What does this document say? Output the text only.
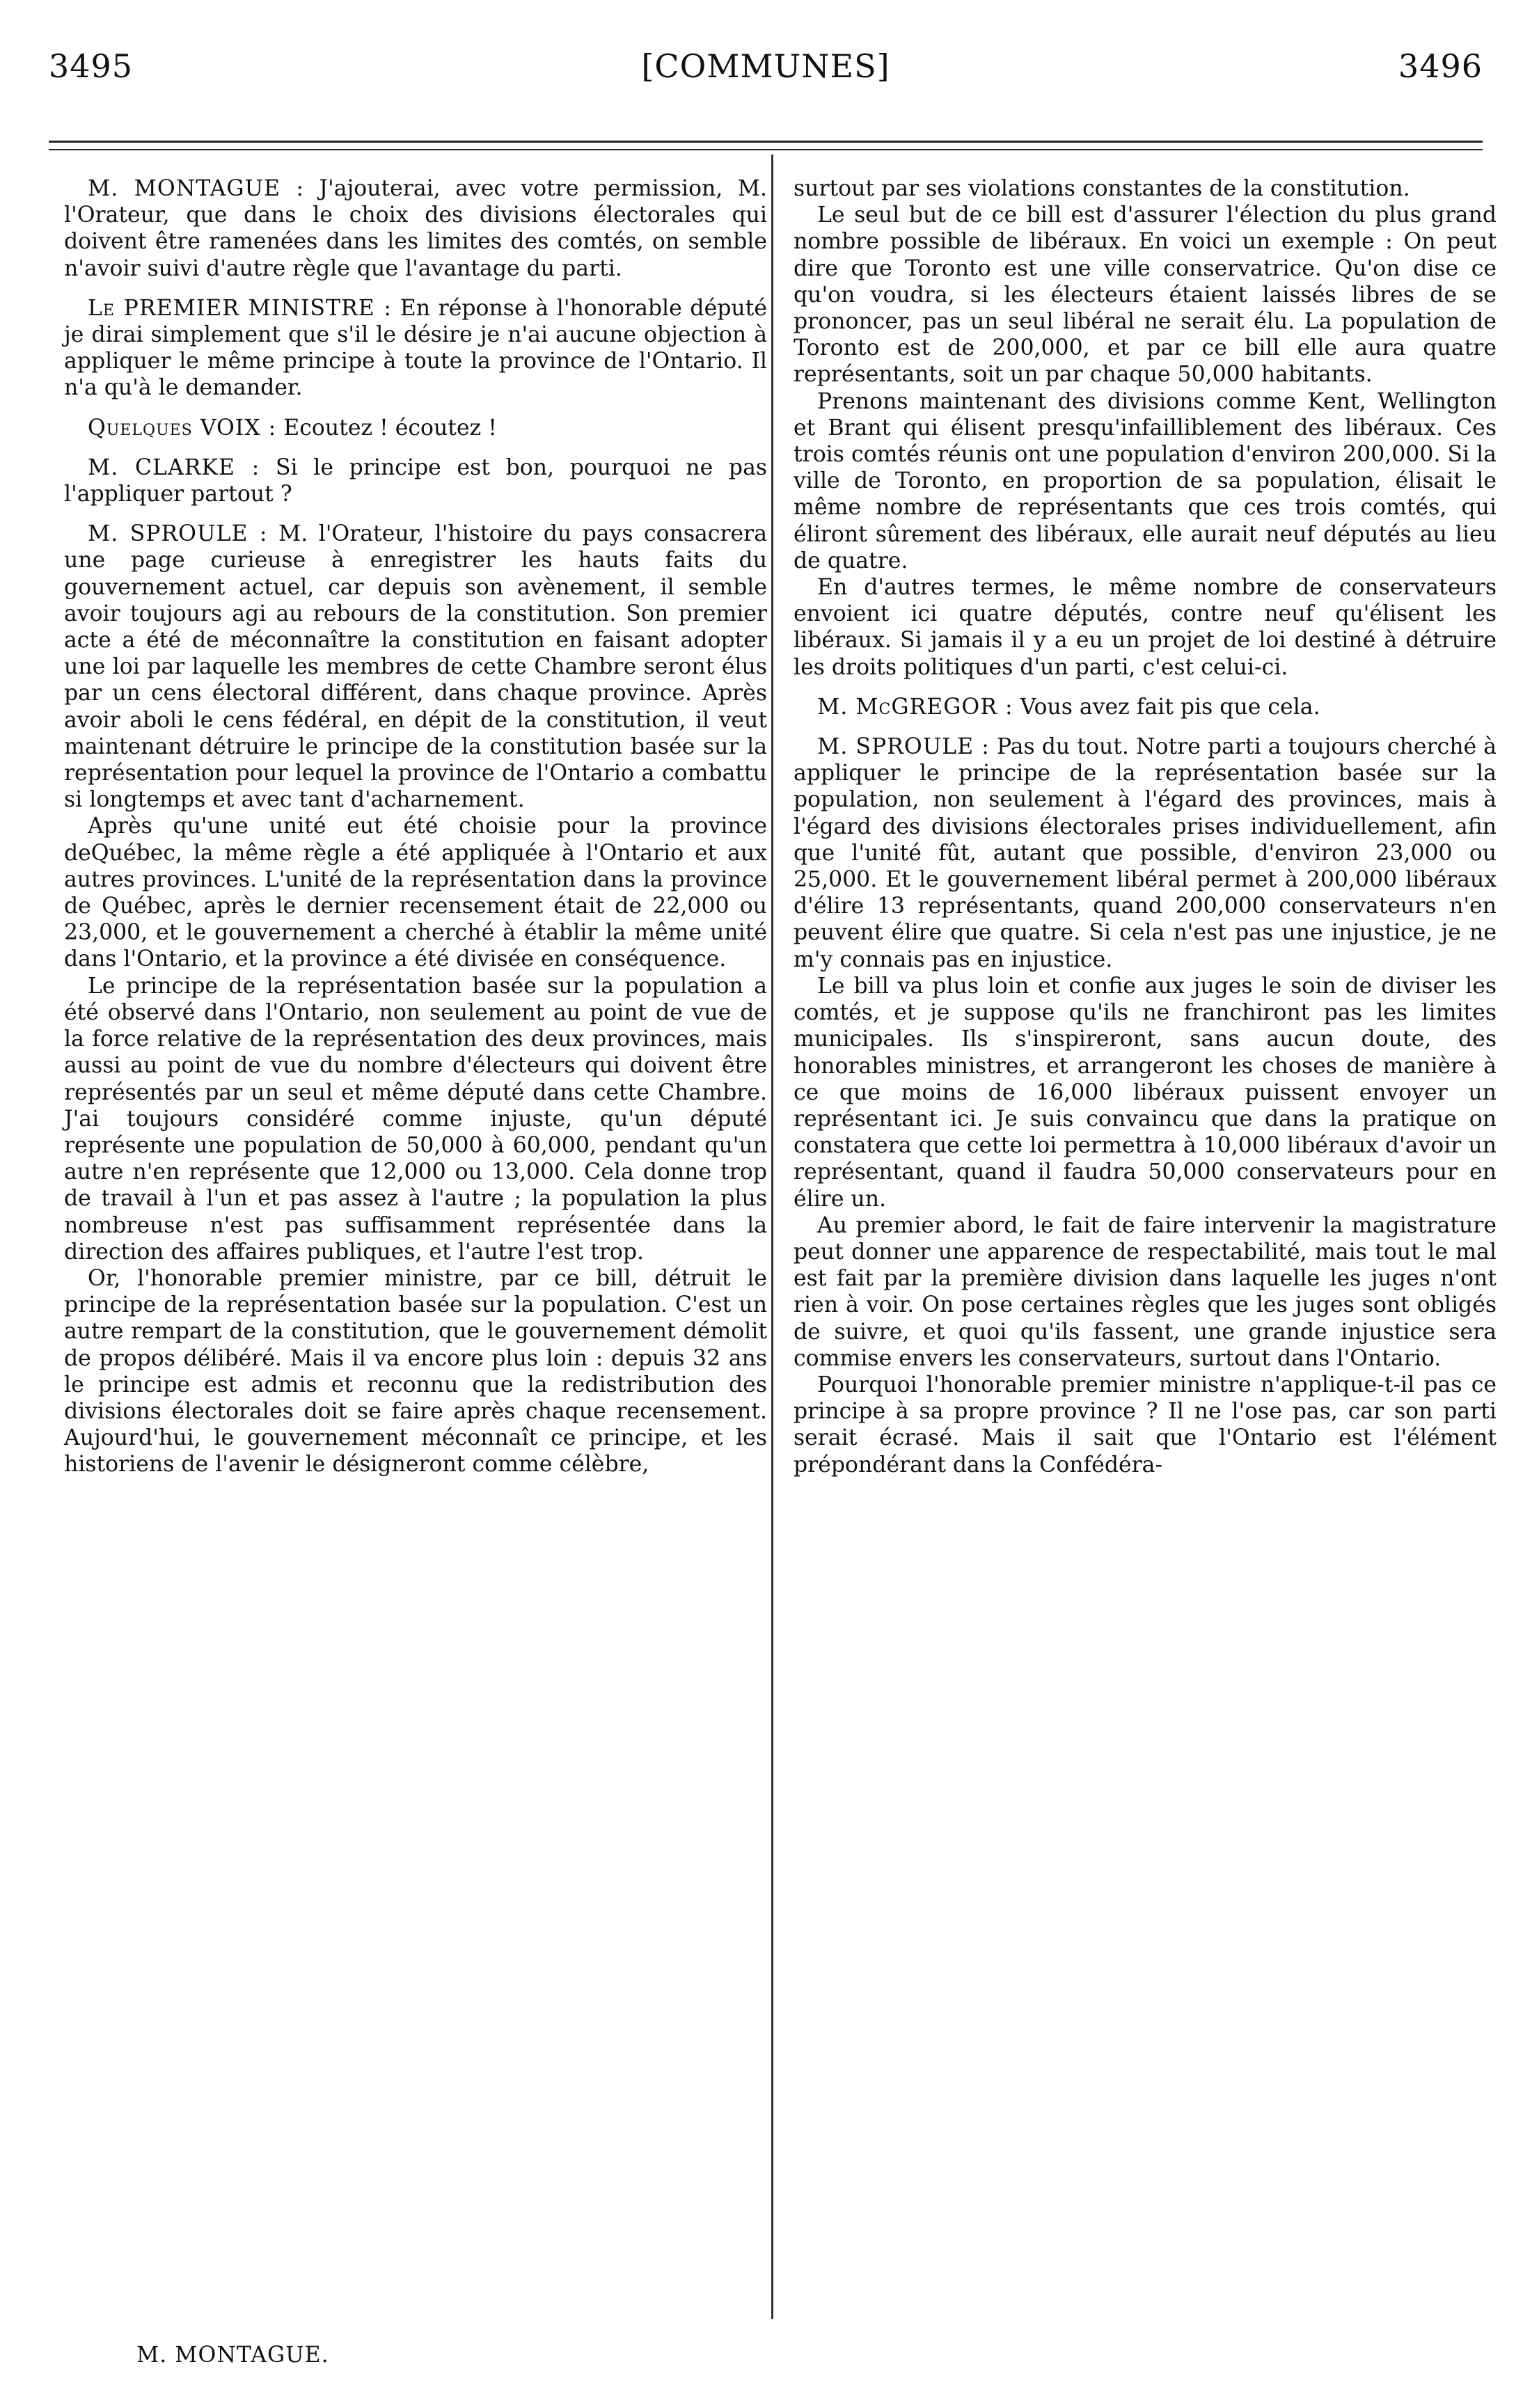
3495	[COMMUNES]	3496

M. MONTAGUE : J'ajouterai, avec votre permission, M. l'Orateur, que dans le choix des divisions électorales qui doivent être ramenées dans les limites des comtés, on semble n'avoir suivi d'autre règle que l'avantage du parti.

Le PREMIER MINISTRE : En réponse à l'honorable député je dirai simplement que s'il le désire je n'ai aucune objection à appliquer le même principe à toute la province de l'Ontario. Il n'a qu'à le demander.

Quelques VOIX : Ecoutez ! écoutez !

M. CLARKE : Si le principe est bon, pourquoi ne pas l'appliquer partout ?

M. SPROULE : M. l'Orateur, l'histoire du pays consacrera une page curieuse à enregistrer les hauts faits du gouvernement actuel, car depuis son avènement, il semble avoir toujours agi au rebours de la constitution. Son premier acte a été de méconnaître la constitution en faisant adopter une loi par laquelle les membres de cette Chambre seront élus par un cens électoral différent, dans chaque province. Après avoir aboli le cens fédéral, en dépit de la constitution, il veut maintenant détruire le principe de la constitution basée sur la représentation pour lequel la province de l'Ontario a combattu si longtemps et avec tant d'acharnement.

Après qu'une unité eut été choisie pour la province deQuébec, la même règle a été appliquée à l'Ontario et aux autres provinces. L'unité de la représentation dans la province de Québec, après le dernier recensement était de 22,000 ou 23,000, et le gouvernement a cherché à établir la même unité dans l'Ontario, et la province a été divisée en conséquence.

Le principe de la représentation basée sur la population a été observé dans l'Ontario, non seulement au point de vue de la force relative de la représentation des deux provinces, mais aussi au point de vue du nombre d'électeurs qui doivent être représentés par un seul et même député dans cette Chambre. J'ai toujours considéré comme injuste, qu'un député représente une population de 50,000 à 60,000, pendant qu'un autre n'en représente que 12,000 ou 13,000. Cela donne trop de travail à l'un et pas assez à l'autre ; la population la plus nombreuse n'est pas suffisamment représentée dans la direction des affaires publiques, et l'autre l'est trop.

Or, l'honorable premier ministre, par ce bill, détruit le principe de la représentation basée sur la population. C'est un autre rempart de la constitution, que le gouvernement démolit de propos délibéré. Mais il va encore plus loin : depuis 32 ans le principe est admis et reconnu que la redistribution des divisions électorales doit se faire après chaque recensement. Aujourd'hui, le gouvernement méconnaît ce principe, et les historiens de l'avenir le désigneront comme célèbre,

surtout par ses violations constantes de la constitution.

Le seul but de ce bill est d'assurer l'élection du plus grand nombre possible de libéraux. En voici un exemple : On peut dire que Toronto est une ville conservatrice. Qu'on dise ce qu'on voudra, si les électeurs étaient laissés libres de se prononcer, pas un seul libéral ne serait élu. La population de Toronto est de 200,000, et par ce bill elle aura quatre représentants, soit un par chaque 50,000 habitants.

Prenons maintenant des divisions comme Kent, Wellington et Brant qui élisent presqu'infailliblement des libéraux. Ces trois comtés réunis ont une population d'environ 200,000. Si la ville de Toronto, en proportion de sa population, élisait le même nombre de représentants que ces trois comtés, qui éliront sûrement des libéraux, elle aurait neuf députés au lieu de quatre.

En d'autres termes, le même nombre de conservateurs envoient ici quatre députés, contre neuf qu'élisent les libéraux. Si jamais il y a eu un projet de loi destiné à détruire les droits politiques d'un parti, c'est celui-ci.

M. McGREGOR : Vous avez fait pis que cela.

M. SPROULE : Pas du tout. Notre parti a toujours cherché à appliquer le principe de la représentation basée sur la population, non seulement à l'égard des provinces, mais à l'égard des divisions électorales prises individuellement, afin que l'unité fût, autant que possible, d'environ 23,000 ou 25,000. Et le gouvernement libéral permet à 200,000 libéraux d'élire 13 représentants, quand 200,000 conservateurs n'en peuvent élire que quatre. Si cela n'est pas une injustice, je ne m'y connais pas en injustice.

Le bill va plus loin et confie aux juges le soin de diviser les comtés, et je suppose qu'ils ne franchiront pas les limites municipales. Ils s'inspireront, sans aucun doute, des honorables ministres, et arrangeront les choses de manière à ce que moins de 16,000 libéraux puissent envoyer un représentant ici. Je suis convaincu que dans la pratique on constatera que cette loi permettra à 10,000 libéraux d'avoir un représentant, quand il faudra 50,000 conservateurs pour en élire un.

Au premier abord, le fait de faire intervenir la magistrature peut donner une apparence de respectabilité, mais tout le mal est fait par la première division dans laquelle les juges n'ont rien à voir. On pose certaines règles que les juges sont obligés de suivre, et quoi qu'ils fassent, une grande injustice sera commise envers les conservateurs, surtout dans l'Ontario.

Pourquoi l'honorable premier ministre n'applique-t-il pas ce principe à sa propre province ? Il ne l'ose pas, car son parti serait écrasé. Mais il sait que l'Ontario est l'élément prépondérant dans la Confédéra-

M. MONTAGUE.
